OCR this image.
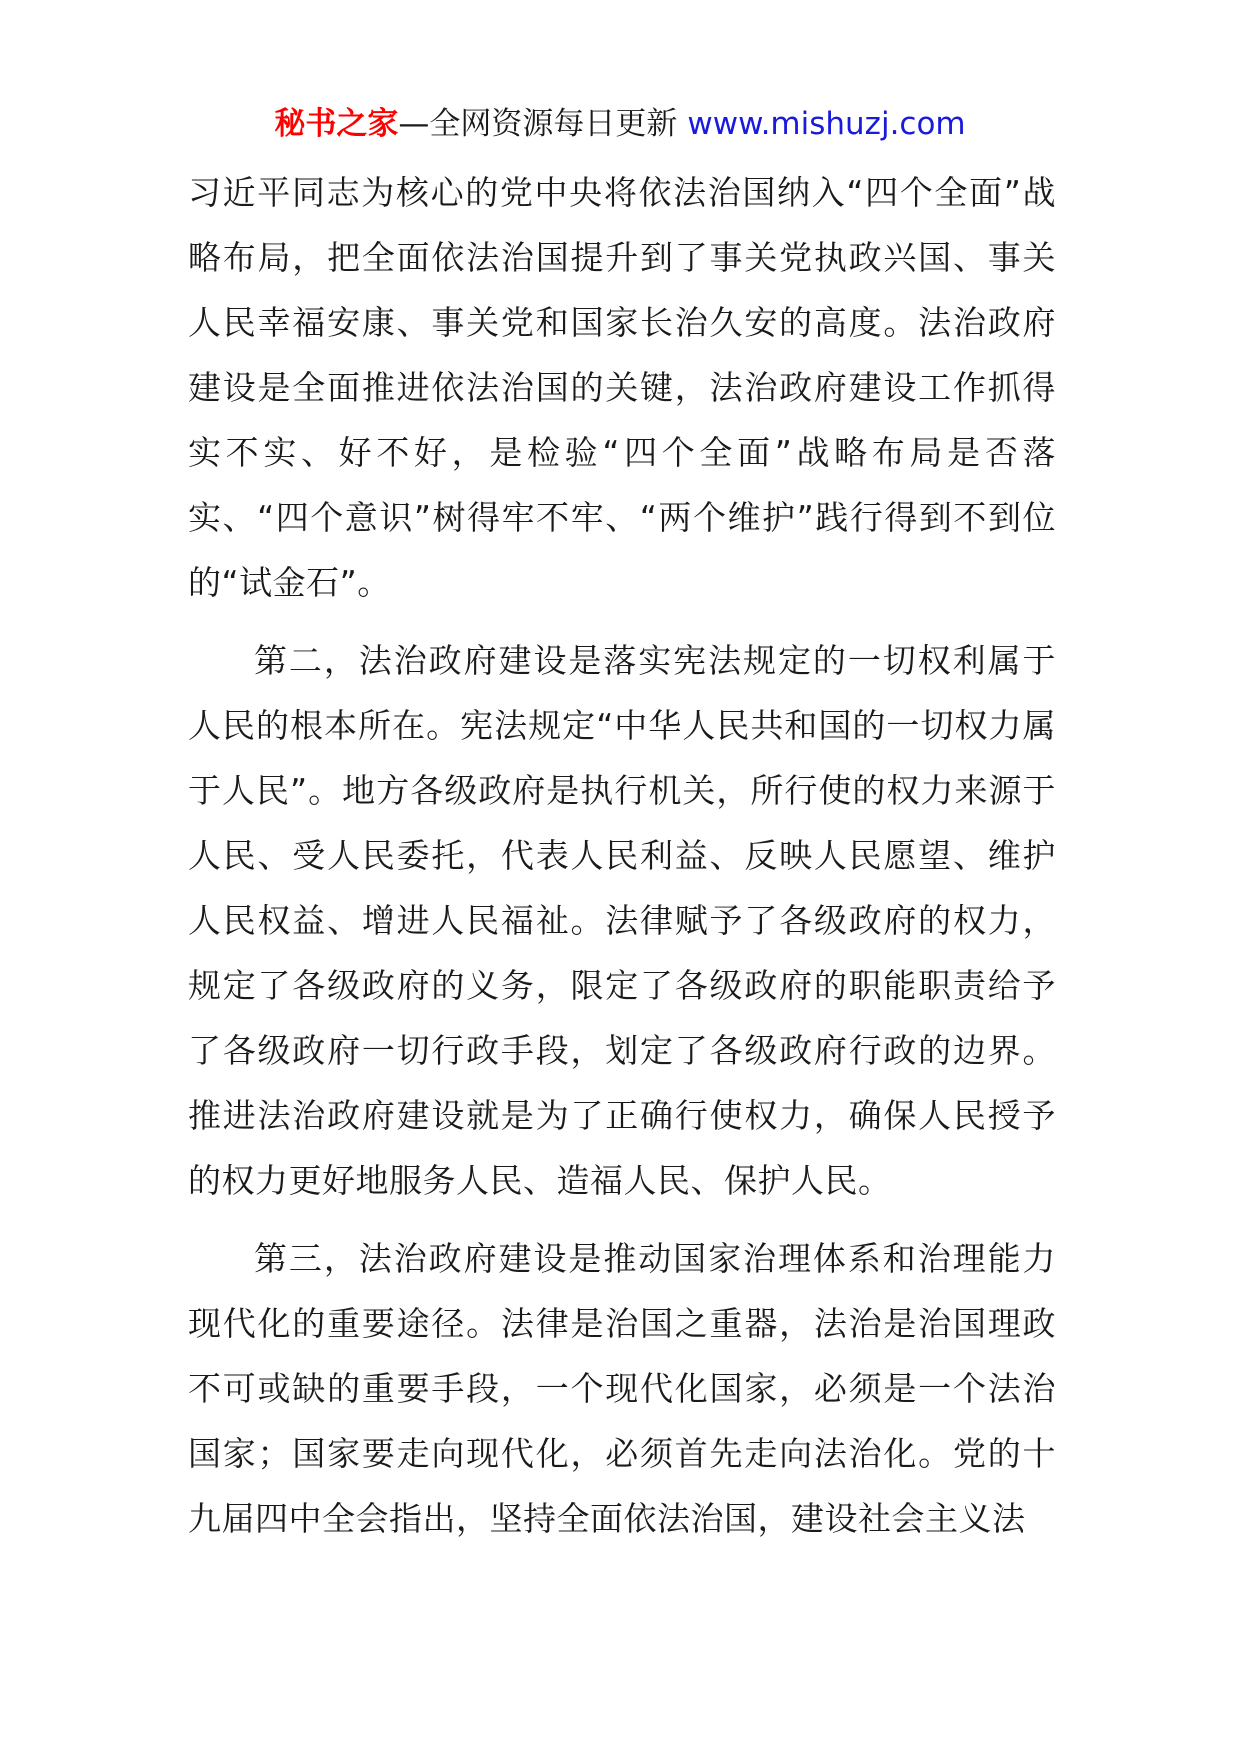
秘书之家—全网资源每日更新 www.mishuzj.com

习近平同志为核心的党中央将依法治国纳入“四个全面”战略布局，把全面依法治国提升到了事关党执政兴国、事关人民幸福安康、事关党和国家长治久安的高度。法治政府建设是全面推进依法治国的关键，法治政府建设工作抓得实不实、好不好，是检验“四个全面”战略布局是否落实、“四个意识”树得牢不牢、“两个维护”践行得到不到位的“试金石”。

第二，法治政府建设是落实宪法规定的一切权利属于人民的根本所在。宪法规定“中华人民共和国的一切权力属于人民”。地方各级政府是执行机关，所行使的权力来源于人民、受人民委托，代表人民利益、反映人民愿望、维护人民权益、增进人民福祉。法律赋予了各级政府的权力，规定了各级政府的义务，限定了各级政府的职能职责给予了各级政府一切行政手段，划定了各级政府行政的边界。推进法治政府建设就是为了正确行使权力，确保人民授予的权力更好地服务人民、造福人民、保护人民。

第三，法治政府建设是推动国家治理体系和治理能力现代化的重要途径。法律是治国之重器，法治是治国理政不可或缺的重要手段，一个现代化国家，必须是一个法治国家；国家要走向现代化，必须首先走向法治化。党的十九届四中全会指出，坚持全面依法治国，建设社会主义法
